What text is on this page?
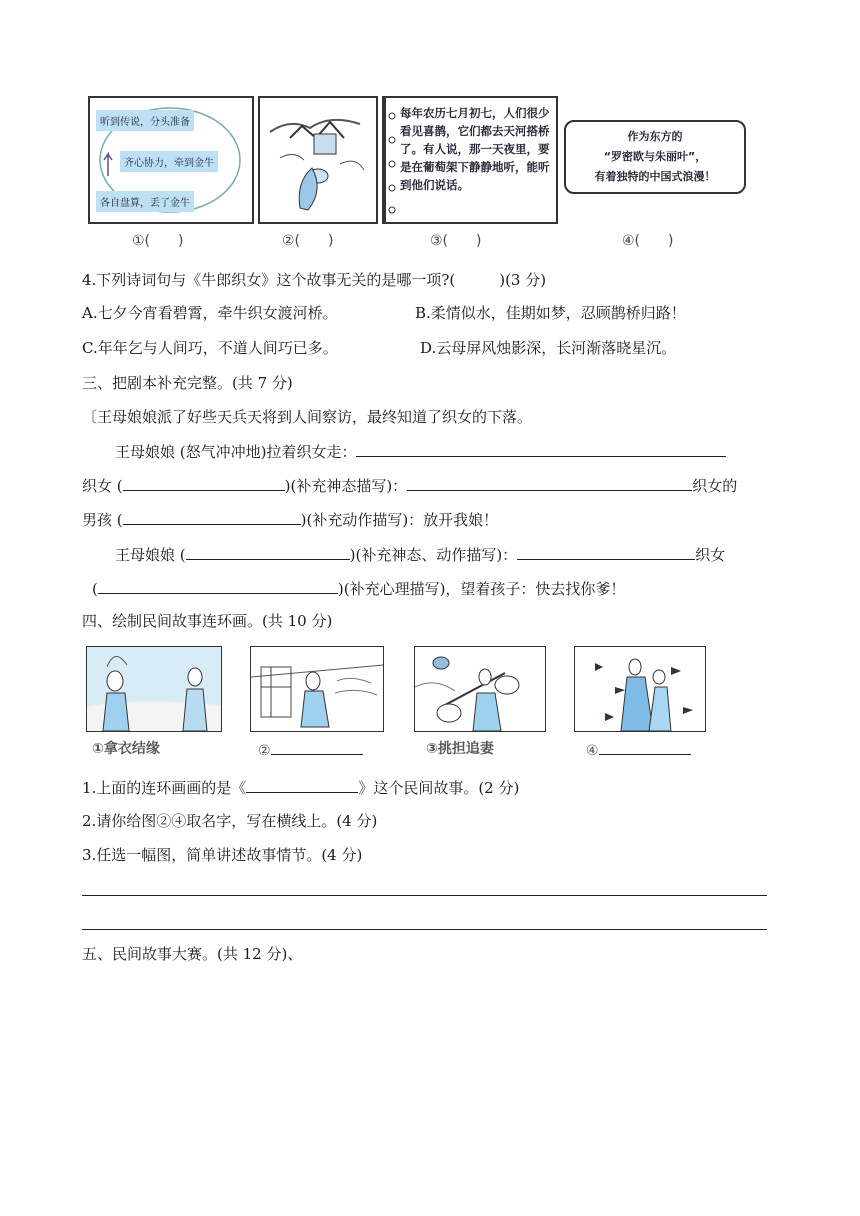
听到传说，分头准备
齐心协力，牵到金牛
各自盘算，丢了金牛
每年农历七月初七，人们很少看见喜鹊，它们都去天河搭桥了。有人说，那一天夜里，要是在葡萄架下静静地听，能听到他们说话。
作为东方的
“罗密欧与朱丽叶”，
有着独特的中国式浪漫！
①(　　)	②(　　)	③(　　)	④(　　)
4.下列诗词句与《牛郎织女》这个故事无关的是哪一项?(	)(3 分)
A.七夕今宵看碧霄，牵牛织女渡河桥。	B.柔情似水，佳期如梦，忍顾鹊桥归路！
C.年年乞与人间巧，不道人间巧已多。	D.云母屏风烛影深，长河渐落晓星沉。
三、把剧本补充完整。(共 7 分)
〔王母娘娘派了好些天兵天将到人间察访，最终知道了织女的下落。
王母娘娘 (怒气冲冲地)拉着织女走：
织女 (	)(补充神态描写)：	织女的
男孩 (	)(补充动作描写)：放开我娘！
王母娘娘 (	)(补充神态、动作描写)：	织女
(	)(补充心理描写)，望着孩子：快去找你爹！
四、绘制民间故事连环画。(共 10 分)
①拿衣结缘	②	③挑担追妻	④
1.上面的连环画画的是《	》这个民间故事。(2 分)
2.请你给图②④取名字，写在横线上。(4 分)
3.任选一幅图，简单讲述故事情节。(4 分)
五、民间故事大赛。(共 12 分)、
